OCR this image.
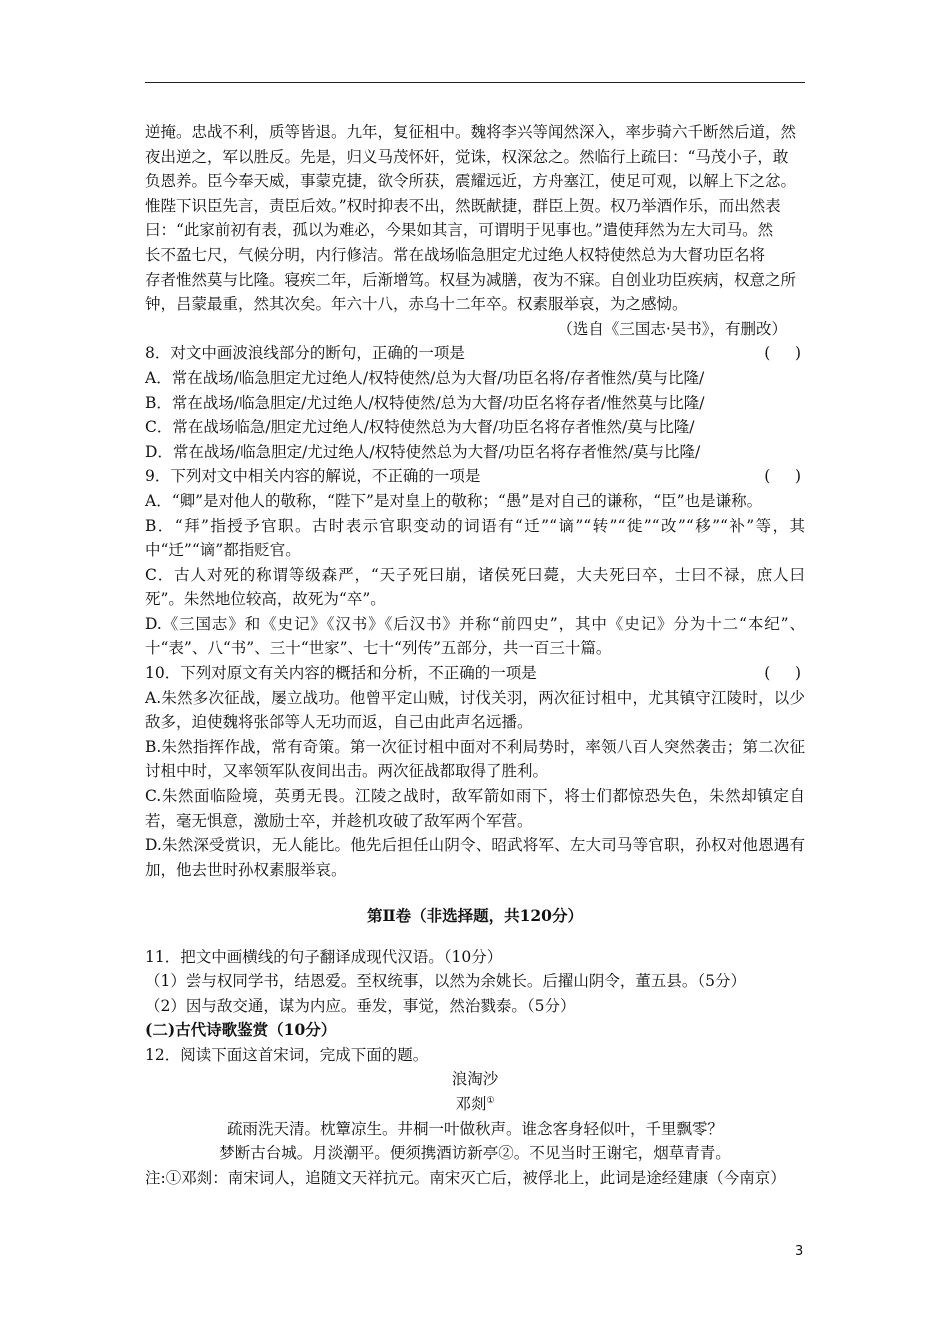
逆掩。忠战不利，质等皆退。九年，复征柤中。魏将李兴等闻然深入，率步骑六千断然后道，然

夜出逆之，军以胜反。先是，归义马茂怀奸，觉诛，权深忿之。然临行上疏曰：“马茂小子，敢

负恩养。臣今奉天威，事蒙克捷，欲令所获，震耀远近，方舟塞江，使足可观，以解上下之忿。

惟陛下识臣先言，责臣后效。”权时抑表不出，然既献捷，群臣上贺。权乃举酒作乐，而出然表

曰：“此家前初有表，孤以为难必，今果如其言，可谓明于见事也。”遣使拜然为左大司马。然

长不盈七尺，气候分明，内行修洁。常在战场临急胆定尤过绝人权特使然总为大督功臣名将

存者惟然莫与比隆。寝疾二年，后渐增笃。权昼为减膳，夜为不寐。自创业功臣疾病，权意之所

钟，吕蒙最重，然其次矣。年六十八，赤乌十二年卒。权素服举哀，为之感恸。

（选自《三国志·吴书》，有删改）

8．对文中画波浪线部分的断句，正确的一项是	(     )

A．常在战场/临急胆定尤过绝人/权特使然/总为大督/功臣名将/存者惟然/莫与比隆/

B．常在战场/临急胆定/尤过绝人/权特使然/总为大督/功臣名将存者/惟然莫与比隆/

C．常在战场临急/胆定尤过绝人/权特使然总为大督/功臣名将存者惟然/莫与比隆/

D．常在战场/临急胆定/尤过绝人/权特使然总为大督/功臣名将存者惟然/莫与比隆/

9．下列对文中相关内容的解说，不正确的一项是	(     )

A．“卿”是对他人的敬称，“陛下”是对皇上的敬称；“愚”是对自己的谦称，“臣”也是谦称。

B．“拜”指授予官职。古时表示官职变动的词语有“迁”“谪”“转”“徙”“改”“移”“补”等，其中“迁”“谪”都指贬官。

C．古人对死的称谓等级森严，“天子死曰崩，诸侯死曰薨，大夫死曰卒，士曰不禄，庶人曰死”。朱然地位较高，故死为“卒”。

D.《三国志》和《史记》《汉书》《后汉书》并称“前四史”，其中《史记》分为十二“本纪”、十“表”、八“书”、三十“世家”、七十“列传”五部分，共一百三十篇。

10．下列对原文有关内容的概括和分析，不正确的一项是	(     )

A.朱然多次征战，屡立战功。他曾平定山贼，讨伐关羽，两次征讨柤中，尤其镇守江陵时，以少敌多，迫使魏将张郃等人无功而返，自己由此声名远播。

B.朱然指挥作战，常有奇策。第一次征讨柤中面对不利局势时，率领八百人突然袭击；第二次征讨柤中时，又率领军队夜间出击。两次征战都取得了胜利。

C.朱然面临险境，英勇无畏。江陵之战时，敌军箭如雨下，将士们都惊恐失色，朱然却镇定自若，毫无惧意，激励士卒，并趁机攻破了敌军两个军营。

D.朱然深受赏识，无人能比。他先后担任山阴令、昭武将军、左大司马等官职，孙权对他恩遇有加，他去世时孙权素服举哀。

第Ⅱ卷（非选择题，共120分）

11．把文中画横线的句子翻译成现代汉语。（10分）

（1）尝与权同学书，结恩爱。至权统事，以然为余姚长。后擢山阴令，董五县。（5分）

（2）因与敌交通，谋为内应。垂发，事觉，然治戮泰。（5分）

(二)古代诗歌鉴赏（10分）

12．阅读下面这首宋词，完成下面的题。

浪淘沙

邓剡①

疏雨洗天清。枕簟凉生。井桐一叶做秋声。谁念客身轻似叶，千里飘零？

梦断古台城。月淡潮平。便须携酒访新亭②。不见当时王谢宅，烟草青青。

注:①邓剡：南宋词人，追随文天祥抗元。南宋灭亡后，被俘北上，此词是途经建康（今南京）

3
